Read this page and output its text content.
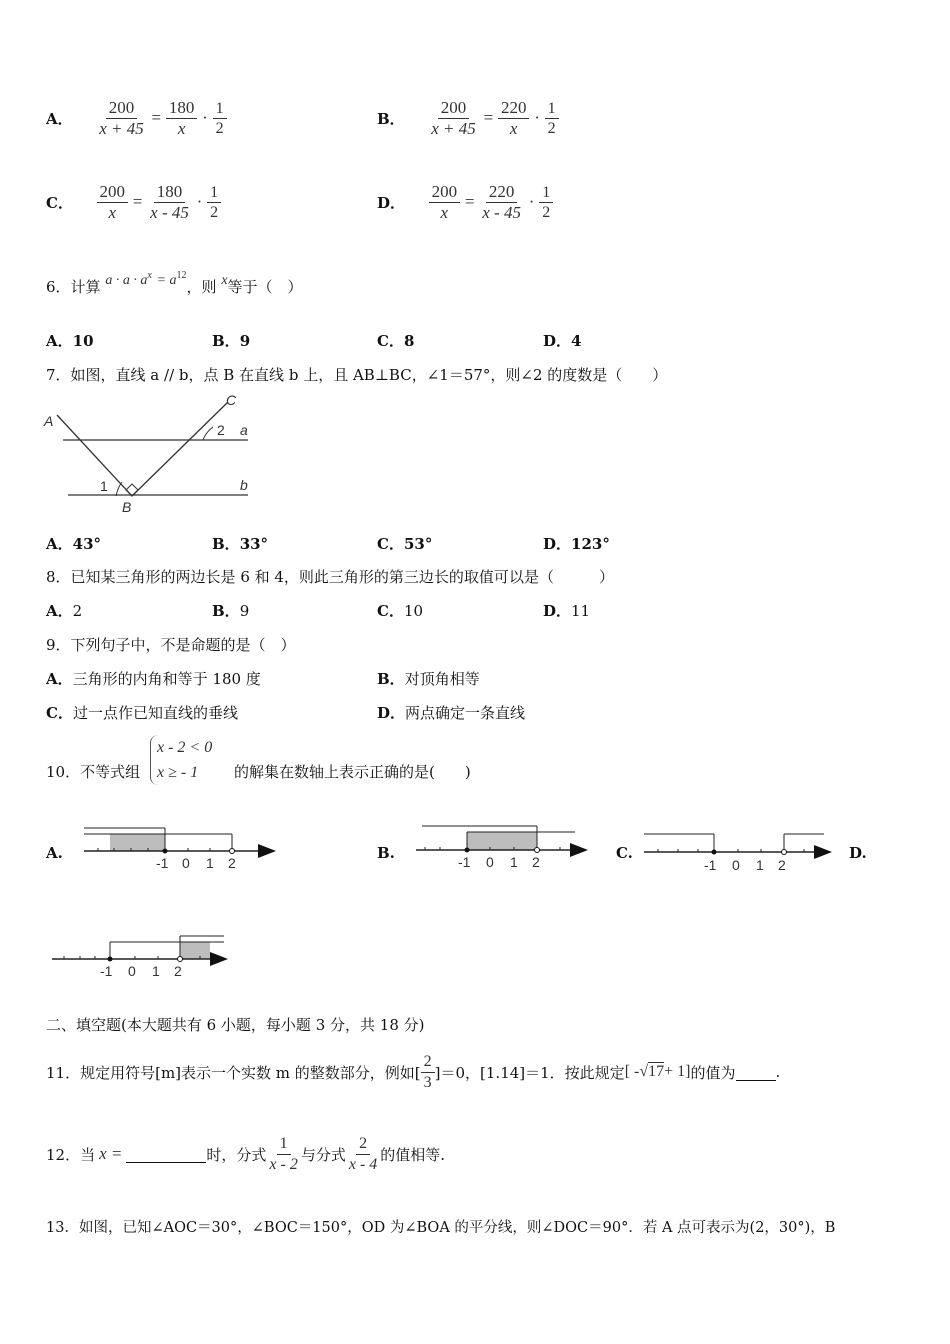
A． $\frac{200}{x + 45} = \frac{180}{x} \cdot \frac{1}{2}$	B． $\frac{200}{x + 45} = \frac{220}{x} \cdot \frac{1}{2}$
C． $\frac{200}{x} = \frac{180}{x - 45} \cdot \frac{1}{2}$	D． $\frac{200}{x} = \frac{220}{x - 45} \cdot \frac{1}{2}$
6．计算 $a \cdot a \cdot a^x = a^{12}$，则 x等于（　）
A．10	B．9	C．8	D．4
7．如图，直线 a // b，点 B 在直线 b 上，且 AB⊥BC，∠1＝57°，则∠2 的度数是（　　）
A
C
B
a
b
1
2
A．43°	B．33°	C．53°	D．123°
8．已知某三角形的两边长是 6 和 4，则此三角形的第三边长的取值可以是（　　　）
A．2	B．9	C．10	D．11
9．下列句子中，不是命题的是（　）
A．三角形的内角和等于 180 度	B．对顶角相等
C．过一点作已知直线的垂线	D．两点确定一条直线
10．不等式组
x - 2 < 0
x ≥ - 1	的解集在数轴上表示正确的是(　　)
A.	B.	C.	D.
-1 0 1 2	-1 0 1 2	-1 0 1 2
-1 0 1 2
二、填空题(本大题共有 6 小题，每小题 3 分，共 18 分)
11．规定用符号[m]表示一个实数 m 的整数部分，例如[ $\frac{2}{3} ]=0$，[1.14]＝1．按此规定 [ - √17 + 1] 的值为	.
12．当 x =	时，分式 $\frac{1}{x - 2}$ 与分式 $\frac{2}{x - 4}$ 的值相等.
13．如图，已知∠AOC＝30°，∠BOC＝150°，OD 为∠BOA 的平分线，则∠DOC＝90°．若 A 点可表示为(2，30°)，B
